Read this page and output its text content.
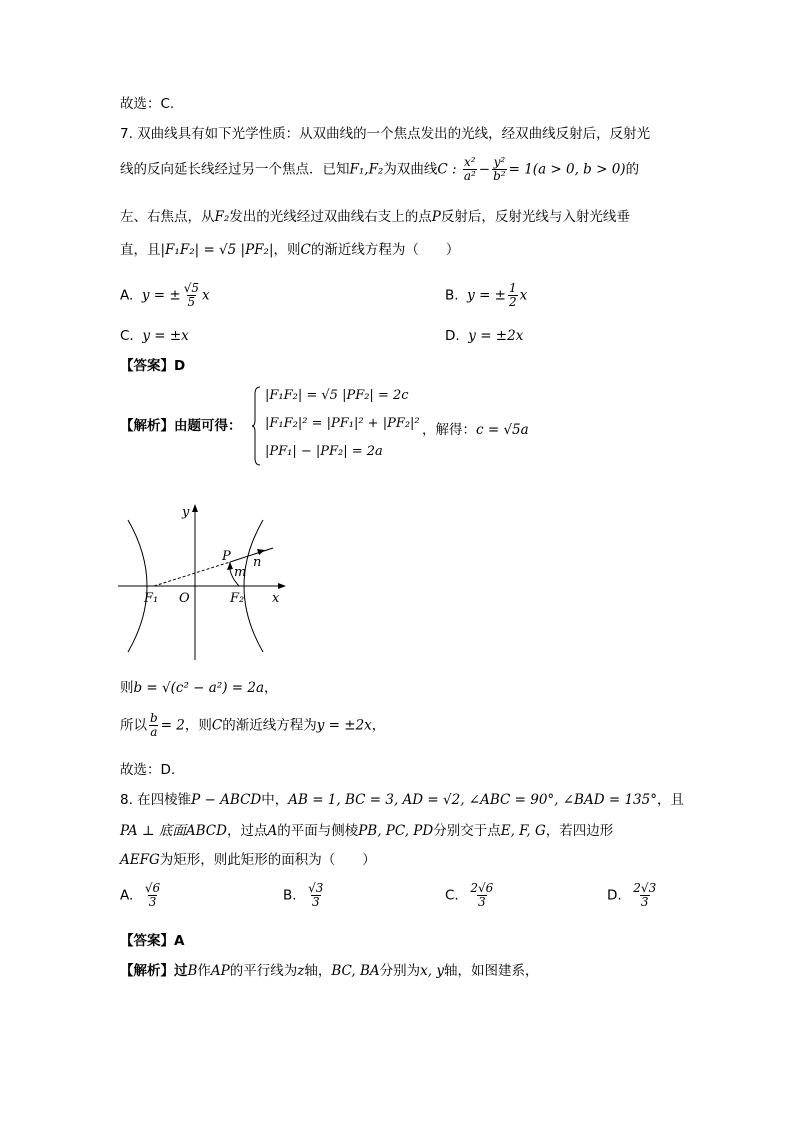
故选：C.
7. 双曲线具有如下光学性质：从双曲线的一个焦点发出的光线，经双曲线反射后，反射光
线的反向延长线经过另一个焦点．已知F₁,F₂为双曲线C : $\frac{\text{x²}}{\text{a²}} - \frac{\text{y²}}{\text{b²}} = 1(a > 0$, b > 0)的
左、右焦点，从F₂发出的光线经过双曲线右支上的点P反射后，反射光线与入射光线垂
直，且|F₁F₂| = √5 |PF₂|，则C的渐近线方程为（　　）
A. y = ± $\frac{√5}{5}$ x	B. y = ± $\frac{1}{2}$ x
C. y = ±x	D. y = ±2x
【答案】D
【解析】由题可得：
|F₁F₂| = √5 |PF₂| = 2c
|F₁F₂|² = |PF₁|² + |PF₂|²
|PF₁| − |PF₂| = 2a
，解得：c = √5a
y
x
O
F₁	F₂
P
m
n
则b = √(c² − a²) = 2a，
所以 $\frac{b}{a} = 2$，则C的渐近线方程为y = ±2x，
故选：D.
8. 在四棱锥P − ABCD中，AB = 1, BC = 3, AD = √2, ∠ABC = 90°, ∠BAD = 135°，且
PA ⊥ 底面ABCD，过点A的平面与侧棱PB, PC, PD分别交于点E, F, G，若四边形
AEFG为矩形，则此矩形的面积为（　　）
A. $\frac{√6}{3}$	B. $\frac{√3}{3}$	C. $\frac{2√6}{3}$	D. $\frac{2√3}{3}$
【答案】A
【解析】过B作AP的平行线为z轴，BC, BA分别为x, y轴，如图建系，
